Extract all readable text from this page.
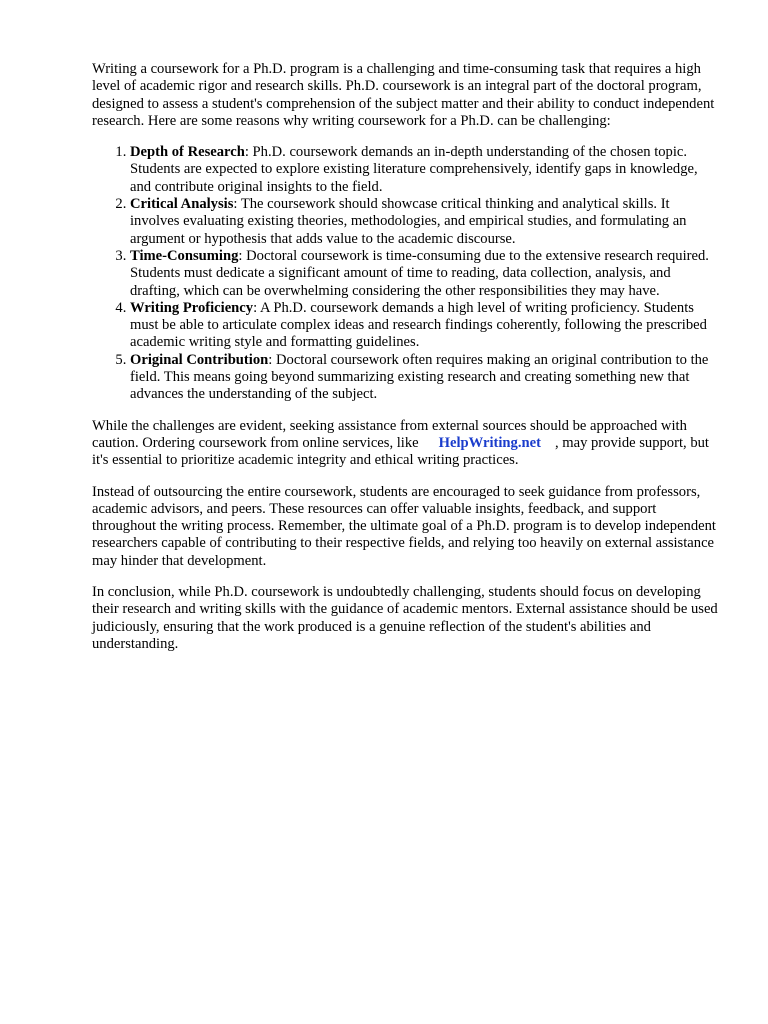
Writing a coursework for a Ph.D. program is a challenging and time-consuming task that requires a high level of academic rigor and research skills. Ph.D. coursework is an integral part of the doctoral program, designed to assess a student's comprehension of the subject matter and their ability to conduct independent research. Here are some reasons why writing coursework for a Ph.D. can be challenging:

1. Depth of Research: Ph.D. coursework demands an in-depth understanding of the chosen topic. Students are expected to explore existing literature comprehensively, identify gaps in knowledge, and contribute original insights to the field.
2. Critical Analysis: The coursework should showcase critical thinking and analytical skills. It involves evaluating existing theories, methodologies, and empirical studies, and formulating an argument or hypothesis that adds value to the academic discourse.
3. Time-Consuming: Doctoral coursework is time-consuming due to the extensive research required. Students must dedicate a significant amount of time to reading, data collection, analysis, and drafting, which can be overwhelming considering the other responsibilities they may have.
4. Writing Proficiency: A Ph.D. coursework demands a high level of writing proficiency. Students must be able to articulate complex ideas and research findings coherently, following the prescribed academic writing style and formatting guidelines.
5. Original Contribution: Doctoral coursework often requires making an original contribution to the field. This means going beyond summarizing existing research and creating something new that advances the understanding of the subject.

While the challenges are evident, seeking assistance from external sources should be approached with caution. Ordering coursework from online services, like HelpWriting.net , may provide support, but it's essential to prioritize academic integrity and ethical writing practices.

Instead of outsourcing the entire coursework, students are encouraged to seek guidance from professors, academic advisors, and peers. These resources can offer valuable insights, feedback, and support throughout the writing process. Remember, the ultimate goal of a Ph.D. program is to develop independent researchers capable of contributing to their respective fields, and relying too heavily on external assistance may hinder that development.

In conclusion, while Ph.D. coursework is undoubtedly challenging, students should focus on developing their research and writing skills with the guidance of academic mentors. External assistance should be used judiciously, ensuring that the work produced is a genuine reflection of the student's abilities and understanding.
